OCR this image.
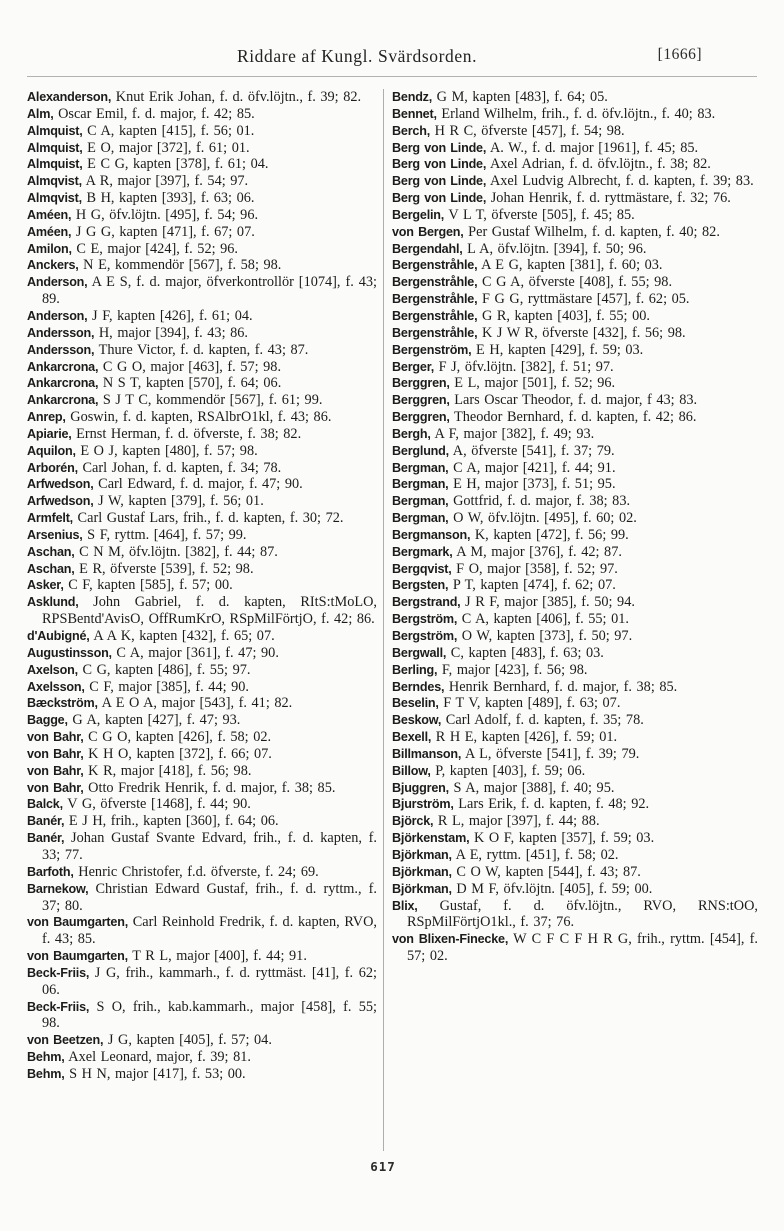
Riddare af Kungl. Svärdsorden.	[1666]

Alexanderson, Knut Erik Johan, f. d. öfv.löjtn., f. 39; 82.

Alm, Oscar Emil, f. d. major, f. 42; 85.

Almquist, C A, kapten [415], f. 56; 01.

Almquist, E O, major [372], f. 61; 01.

Almquist, E C G, kapten [378], f. 61; 04.

Almqvist, A R, major [397], f. 54; 97.

Almqvist, B H, kapten [393], f. 63; 06.

Améen, H G, öfv.löjtn. [495], f. 54; 96.

Améen, J G G, kapten [471], f. 67; 07.

Amilon, C E, major [424], f. 52; 96.

Anckers, N E, kommendör [567], f. 58; 98.

Anderson, A E S, f. d. major, öfverkontrollör [1074], f. 43; 89.

Anderson, J F, kapten [426], f. 61; 04.

Andersson, H, major [394], f. 43; 86.

Andersson, Thure Victor, f. d. kapten, f. 43; 87.

Ankarcrona, C G O, major [463], f. 57; 98.

Ankarcrona, N S T, kapten [570], f. 64; 06.

Ankarcrona, S J T C, kommendör [567], f. 61; 99.

Anrep, Goswin, f. d. kapten, RSAlbrO1kl, f. 43; 86.

Apiarie, Ernst Herman, f. d. öfverste, f. 38; 82.

Aquilon, E O J, kapten [480], f. 57; 98.

Arborén, Carl Johan, f. d. kapten, f. 34; 78.

Arfwedson, Carl Edward, f. d. major, f. 47; 90.

Arfwedson, J W, kapten [379], f. 56; 01.

Armfelt, Carl Gustaf Lars, frih., f. d. kapten, f. 30; 72.

Arsenius, S F, ryttm. [464], f. 57; 99.

Aschan, C N M, öfv.löjtn. [382], f. 44; 87.

Aschan, E R, öfverste [539], f. 52; 98.

Asker, C F, kapten [585], f. 57; 00.

Asklund, John Gabriel, f. d. kapten, RItS:tMoLO, RPSBentd'AvisO, OffRumKrO, RSpMilFörtjO, f. 42; 86.

d'Aubigné, A A K, kapten [432], f. 65; 07.

Augustinsson, C A, major [361], f. 47; 90.

Axelson, C G, kapten [486], f. 55; 97.

Axelsson, C F, major [385], f. 44; 90.

Bæckström, A E O A, major [543], f. 41; 82.

Bagge, G A, kapten [427], f. 47; 93.

von Bahr, C G O, kapten [426], f. 58; 02.

von Bahr, K H O, kapten [372], f. 66; 07.

von Bahr, K R, major [418], f. 56; 98.

von Bahr, Otto Fredrik Henrik, f. d. major, f. 38; 85.

Balck, V G, öfverste [1468], f. 44; 90.

Banér, E J H, frih., kapten [360], f. 64; 06.

Banér, Johan Gustaf Svante Edvard, frih., f. d. kapten, f. 33; 77.

Barfoth, Henric Christofer, f.d. öfverste, f. 24; 69.

Barnekow, Christian Edward Gustaf, frih., f. d. ryttm., f. 37; 80.

von Baumgarten, Carl Reinhold Fredrik, f. d. kapten, RVO, f. 43; 85.

von Baumgarten, T R L, major [400], f. 44; 91.

Beck-Friis, J G, frih., kammarh., f. d. ryttmäst. [41], f. 62; 06.

Beck-Friis, S O, frih., kab.kammarh., major [458], f. 55; 98.

von Beetzen, J G, kapten [405], f. 57; 04.

Behm, Axel Leonard, major, f. 39; 81.

Behm, S H N, major [417], f. 53; 00.

Bendz, G M, kapten [483], f. 64; 05.

Bennet, Erland Wilhelm, frih., f. d. öfv.löjtn., f. 40; 83.

Berch, H R C, öfverste [457], f. 54; 98.

Berg von Linde, A. W., f. d. major [1961], f. 45; 85.

Berg von Linde, Axel Adrian, f. d. öfv.löjtn., f. 38; 82.

Berg von Linde, Axel Ludvig Albrecht, f. d. kapten, f. 39; 83.

Berg von Linde, Johan Henrik, f. d. ryttmästare, f. 32; 76.

Bergelin, V L T, öfverste [505], f. 45; 85.

von Bergen, Per Gustaf Wilhelm, f. d. kapten, f. 40; 82.

Bergendahl, L A, öfv.löjtn. [394], f. 50; 96.

Bergenstråhle, A E G, kapten [381], f. 60; 03.

Bergenstråhle, C G A, öfverste [408], f. 55; 98.

Bergenstråhle, F G G, ryttmästare [457], f. 62; 05.

Bergenstråhle, G R, kapten [403], f. 55; 00.

Bergenstråhle, K J W R, öfverste [432], f. 56; 98.

Bergenström, E H, kapten [429], f. 59; 03.

Berger, F J, öfv.löjtn. [382], f. 51; 97.

Berggren, E L, major [501], f. 52; 96.

Berggren, Lars Oscar Theodor, f. d. major, f 43; 83.

Berggren, Theodor Bernhard, f. d. kapten, f. 42; 86.

Bergh, A F, major [382], f. 49; 93.

Berglund, A, öfverste [541], f. 37; 79.

Bergman, C A, major [421], f. 44; 91.

Bergman, E H, major [373], f. 51; 95.

Bergman, Gottfrid, f. d. major, f. 38; 83.

Bergman, O W, öfv.löjtn. [495], f. 60; 02.

Bergmanson, K, kapten [472], f. 56; 99.

Bergmark, A M, major [376], f. 42; 87.

Bergqvist, F O, major [358], f. 52; 97.

Bergsten, P T, kapten [474], f. 62; 07.

Bergstrand, J R F, major [385], f. 50; 94.

Bergström, C A, kapten [406], f. 55; 01.

Bergström, O W, kapten [373], f. 50; 97.

Bergwall, C, kapten [483], f. 63; 03.

Berling, F, major [423], f. 56; 98.

Berndes, Henrik Bernhard, f. d. major, f. 38; 85.

Beselin, F T V, kapten [489], f. 63; 07.

Beskow, Carl Adolf, f. d. kapten, f. 35; 78.

Bexell, R H E, kapten [426], f. 59; 01.

Billmanson, A L, öfverste [541], f. 39; 79.

Billow, P, kapten [403], f. 59; 06.

Bjuggren, S A, major [388], f. 40; 95.

Bjurström, Lars Erik, f. d. kapten, f. 48; 92.

Björck, R L, major [397], f. 44; 88.

Björkenstam, K O F, kapten [357], f. 59; 03.

Björkman, A E, ryttm. [451], f. 58; 02.

Björkman, C O W, kapten [544], f. 43; 87.

Björkman, D M F, öfv.löjtn. [405], f. 59; 00.

Blix, Gustaf, f. d. öfv.löjtn., RVO, RNS:tOO, RSpMilFörtjO1kl., f. 37; 76.

von Blixen-Finecke, W C F C F H R G, frih., ryttm. [454], f. 57; 02.

617
